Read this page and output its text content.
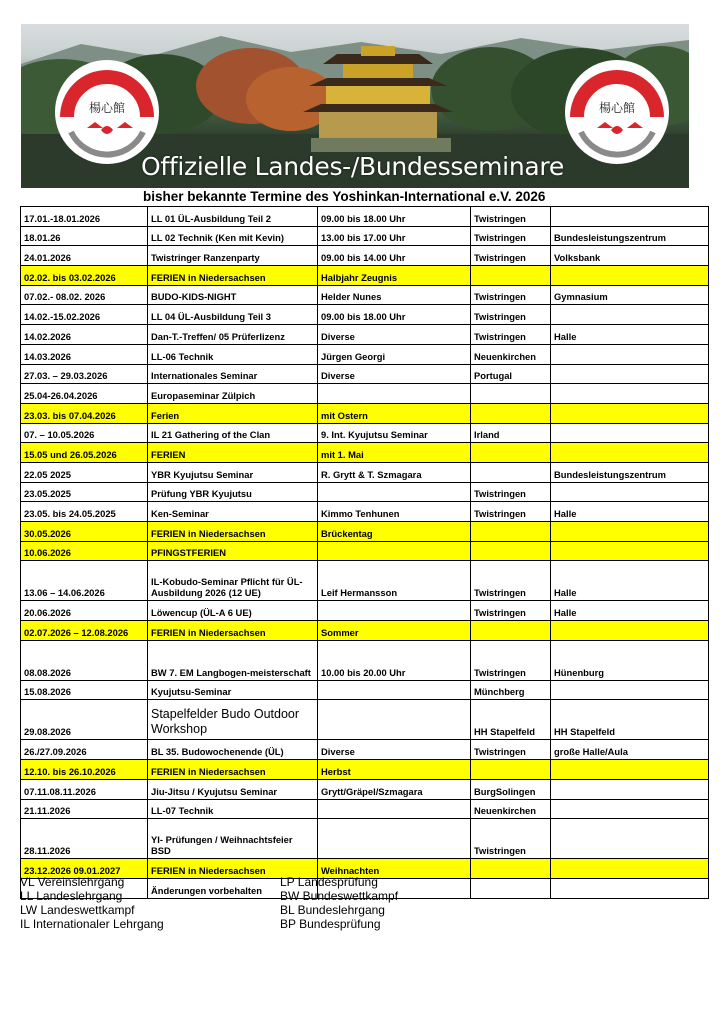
楊心館	楊心館
Offizielle Landes-/Bundesseminare
bisher bekannte Termine des Yoshinkan-International e.V. 2026
17.01.-18.01.2026	LL 01 ÜL-Ausbildung Teil 2	09.00 bis 18.00 Uhr	Twistringen	
18.01.26	LL 02 Technik (Ken mit Kevin)	13.00 bis 17.00 Uhr	Twistringen	Bundesleistungszentrum
24.01.2026	Twistringer Ranzenparty	09.00 bis 14.00 Uhr	Twistringen	Volksbank
02.02. bis 03.02.2026	FERIEN in Niedersachsen	Halbjahr Zeugnis		
07.02.- 08.02. 2026	BUDO-KIDS-NIGHT	Helder Nunes	Twistringen	Gymnasium
14.02.-15.02.2026	LL 04 ÜL-Ausbildung Teil 3	09.00 bis 18.00 Uhr	Twistringen	
14.02.2026	Dan-T.-Treffen/ 05 Prüferlizenz	Diverse	Twistringen	Halle
14.03.2026	LL-06 Technik	Jürgen Georgi	Neuenkirchen	
27.03. – 29.03.2026	Internationales Seminar	Diverse	Portugal	
25.04-26.04.2026	Europaseminar Zülpich			
23.03. bis 07.04.2026	Ferien	mit Ostern		
07. – 10.05.2026	IL 21 Gathering of the Clan	9. Int. Kyujutsu Seminar	Irland	
15.05 und 26.05.2026	FERIEN	mit 1. Mai		
22.05 2025	YBR Kyujutsu Seminar	R. Grytt & T. Szmagara		Bundesleistungszentrum
23.05.2025	Prüfung YBR Kyujutsu		Twistringen	
23.05. bis 24.05.2025	Ken-Seminar	Kimmo Tenhunen	Twistringen	Halle
30.05.2026	FERIEN in Niedersachsen	Brückentag		
10.06.2026	PFINGSTFERIEN			
13.06 – 14.06.2026	IL-Kobudo-Seminar Pflicht für ÜL-Ausbildung 2026 (12 UE)	Leif Hermansson	Twistringen	Halle
20.06.2026	Löwencup (ÜL-A 6 UE)		Twistringen	Halle
02.07.2026 – 12.08.2026	FERIEN in Niedersachsen	Sommer		
08.08.2026	BW 7. EM Langbogen-meisterschaft	10.00 bis 20.00 Uhr	Twistringen	Hünenburg
15.08.2026	Kyujutsu-Seminar		Münchberg	
29.08.2026	Stapelfelder Budo Outdoor Workshop		HH Stapelfeld	HH Stapelfeld
26./27.09.2026	BL 35. Budowochenende (ÜL)	Diverse	Twistringen	große Halle/Aula
12.10. bis 26.10.2026	FERIEN in Niedersachsen	Herbst		
07.11.08.11.2026	Jiu-Jitsu / Kyujutsu Seminar	Grytt/Gräpel/Szmagara	BurgSolingen	
21.11.2026	LL-07 Technik		Neuenkirchen	
28.11.2026	YI- Prüfungen / Weihnachtsfeier BSD		Twistringen	
23.12.2026 09.01.2027	FERIEN in Niedersachsen	Weihnachten		
	Änderungen vorbehalten			
VL Vereinslehrgang
LL Landeslehrgang
LW Landeswettkampf
IL Internationaler Lehrgang
LP Landesprüfung
BW Bundeswettkampf
BL Bundeslehrgang
BP Bundesprüfung
